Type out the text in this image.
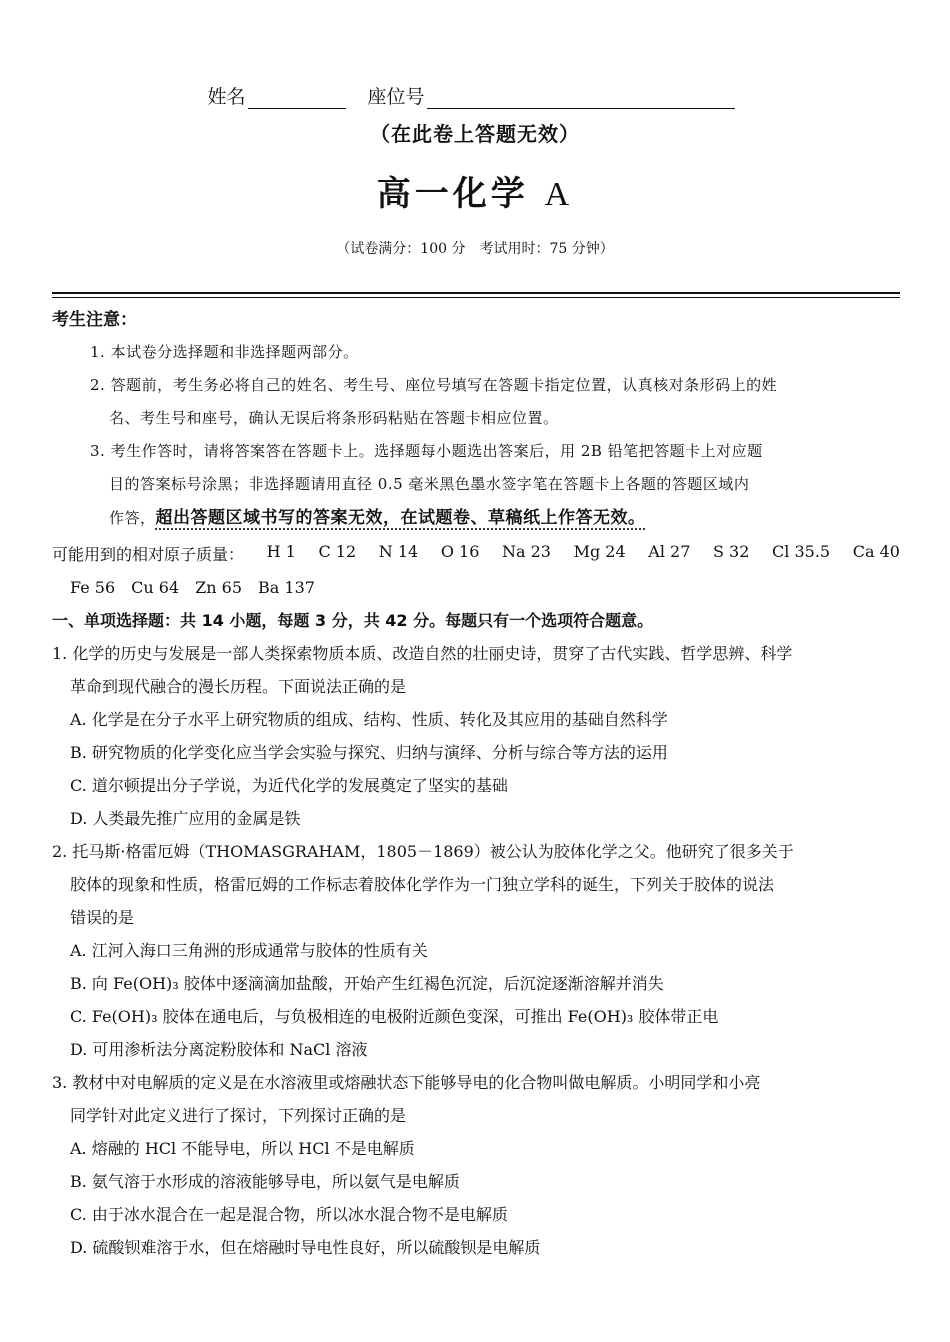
姓名	座位号
（在此卷上答题无效）
高一化学 A
（试卷满分：100 分　考试用时：75 分钟）
考生注意：
1. 本试卷分选择题和非选择题两部分。
2. 答题前，考生务必将自己的姓名、考生号、座位号填写在答题卡指定位置，认真核对条形码上的姓
名、考生号和座号，确认无误后将条形码粘贴在答题卡相应位置。
3. 考生作答时，请将答案答在答题卡上。选择题每小题选出答案后，用 2B 铅笔把答题卡上对应题
目的答案标号涂黑；非选择题请用直径 0.5 毫米黑色墨水签字笔在答题卡上各题的答题区域内
作答，超出答题区域书写的答案无效，在试题卷、草稿纸上作答无效。
可能用到的相对原子质量： H 1 C 12 N 14 O 16 Na 23 Mg 24 Al 27 S 32 Cl 35.5 Ca 40
Fe 56　Cu 64　Zn 65　Ba 137
一、单项选择题：共 14 小题，每题 3 分，共 42 分。每题只有一个选项符合题意。
1. 化学的历史与发展是一部人类探索物质本质、改造自然的壮丽史诗，贯穿了古代实践、哲学思辨、科学
革命到现代融合的漫长历程。下面说法正确的是
A. 化学是在分子水平上研究物质的组成、结构、性质、转化及其应用的基础自然科学
B. 研究物质的化学变化应当学会实验与探究、归纳与演绎、分析与综合等方法的运用
C. 道尔顿提出分子学说，为近代化学的发展奠定了坚实的基础
D. 人类最先推广应用的金属是铁
2. 托马斯·格雷厄姆（THOMASGRAHAM，1805－1869）被公认为胶体化学之父。他研究了很多关于
胶体的现象和性质，格雷厄姆的工作标志着胶体化学作为一门独立学科的诞生，下列关于胶体的说法
错误的是
A. 江河入海口三角洲的形成通常与胶体的性质有关
B. 向 Fe(OH)₃ 胶体中逐滴滴加盐酸，开始产生红褐色沉淀，后沉淀逐渐溶解并消失
C. Fe(OH)₃ 胶体在通电后，与负极相连的电极附近颜色变深，可推出 Fe(OH)₃ 胶体带正电
D. 可用渗析法分离淀粉胶体和 NaCl 溶液
3. 教材中对电解质的定义是在水溶液里或熔融状态下能够导电的化合物叫做电解质。小明同学和小亮
同学针对此定义进行了探讨，下列探讨正确的是
A. 熔融的 HCl 不能导电，所以 HCl 不是电解质
B. 氨气溶于水形成的溶液能够导电，所以氨气是电解质
C. 由于冰水混合在一起是混合物，所以冰水混合物不是电解质
D. 硫酸钡难溶于水，但在熔融时导电性良好，所以硫酸钡是电解质
